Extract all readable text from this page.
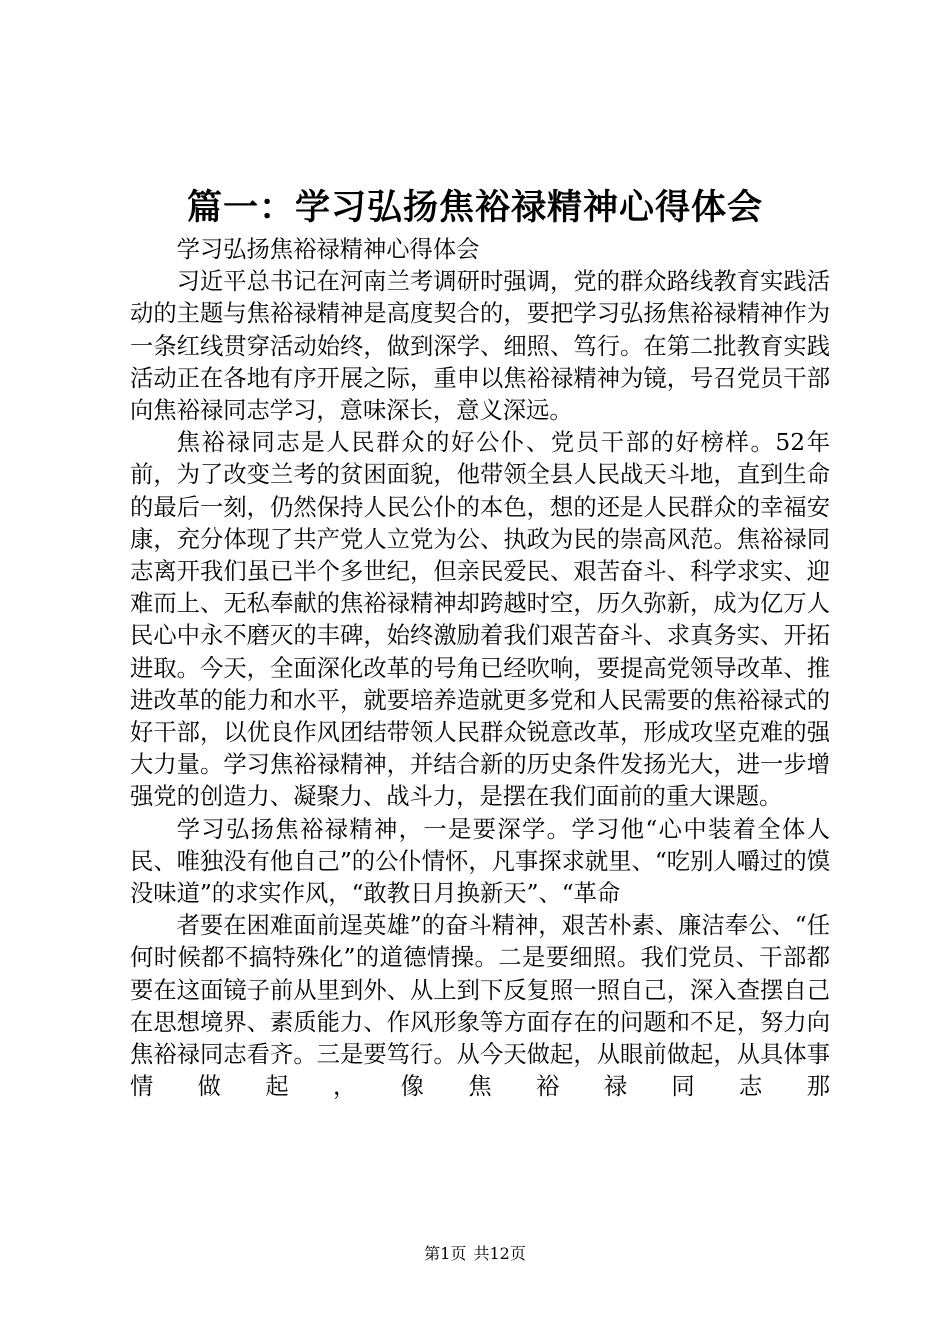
篇一：学习弘扬焦裕禄精神心得体会

学习弘扬焦裕禄精神心得体会

习近平总书记在河南兰考调研时强调，党的群众路线教育实践活动的主题与焦裕禄精神是高度契合的，要把学习弘扬焦裕禄精神作为一条红线贯穿活动始终，做到深学、细照、笃行。在第二批教育实践活动正在各地有序开展之际，重申以焦裕禄精神为镜，号召党员干部向焦裕禄同志学习，意味深长，意义深远。

焦裕禄同志是人民群众的好公仆、党员干部的好榜样。52年前，为了改变兰考的贫困面貌，他带领全县人民战天斗地，直到生命的最后一刻，仍然保持人民公仆的本色，想的还是人民群众的幸福安康，充分体现了共产党人立党为公、执政为民的崇高风范。焦裕禄同志离开我们虽已半个多世纪，但亲民爱民、艰苦奋斗、科学求实、迎难而上、无私奉献的焦裕禄精神却跨越时空，历久弥新，成为亿万人民心中永不磨灭的丰碑，始终激励着我们艰苦奋斗、求真务实、开拓进取。今天，全面深化改革的号角已经吹响，要提高党领导改革、推进改革的能力和水平，就要培养造就更多党和人民需要的焦裕禄式的好干部，以优良作风团结带领人民群众锐意改革，形成攻坚克难的强大力量。学习焦裕禄精神，并结合新的历史条件发扬光大，进一步增强党的创造力、凝聚力、战斗力，是摆在我们面前的重大课题。

学习弘扬焦裕禄精神，一是要深学。学习他“心中装着全体人民、唯独没有他自己”的公仆情怀，凡事探求就里、“吃别人嚼过的馍没味道”的求实作风，“敢教日月换新天”、“革命

者要在困难面前逞英雄”的奋斗精神，艰苦朴素、廉洁奉公、“任何时候都不搞特殊化”的道德情操。二是要细照。我们党员、干部都要在这面镜子前从里到外、从上到下反复照一照自己，深入查摆自己在思想境界、素质能力、作风形象等方面存在的问题和不足，努力向焦裕禄同志看齐。三是要笃行。从今天做起，从眼前做起，从具体事情做起，像焦裕禄同志那

第1页 共12页
